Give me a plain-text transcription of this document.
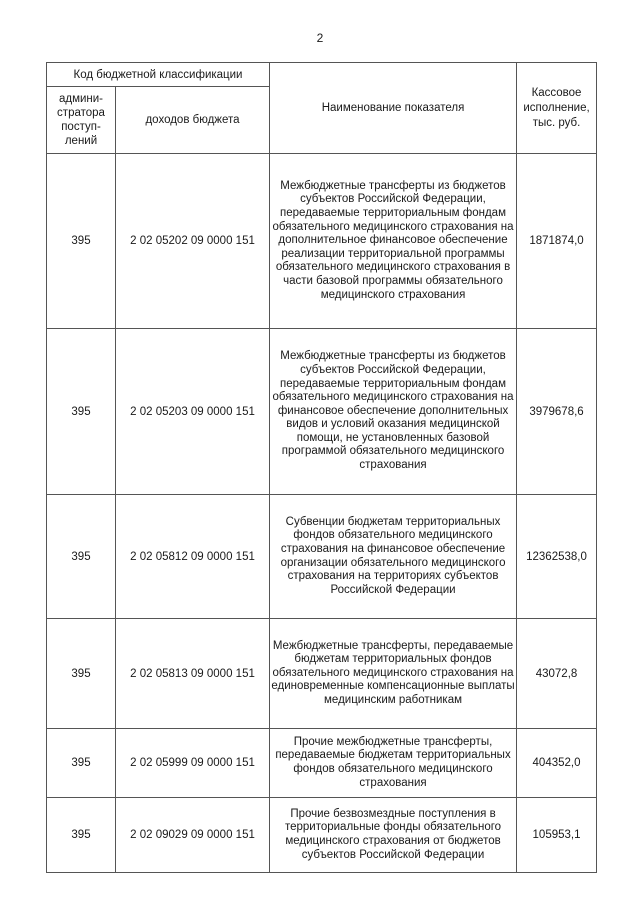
2
Код бюджетной классификации		Наименование показателя	Кассовое исполнение, тыс. руб.
админи-
стратора
поступ-
лений	доходов бюджета		
395	2 02 05202 09 0000 151	Межбюджетные трансферты из бюджетов субъектов Российской Федерации, передаваемые территориальным фондам обязательного медицинского страхования на дополнительное финансовое обеспечение реализации территориальной программы обязательного медицинского страхования в части базовой программы обязательного медицинского страхования	1871874,0
395	2 02 05203 09 0000 151	Межбюджетные трансферты из бюджетов субъектов Российской Федерации, передаваемые территориальным фондам обязательного медицинского страхования на финансовое обеспечение дополнительных видов и условий оказания медицинской помощи, не установленных базовой программой обязательного медицинского страхования	3979678,6
395	2 02 05812 09 0000 151	Субвенции бюджетам территориальных фондов обязательного медицинского страхования на финансовое обеспечение организации обязательного медицинского страхования на территориях субъектов Российской Федерации	12362538,0
395	2 02 05813 09 0000 151	Межбюджетные трансферты, передаваемые бюджетам территориальных фондов обязательного медицинского страхования на единовременные компенсационные выплаты медицинским работникам	43072,8
395	2 02 05999 09 0000 151	Прочие межбюджетные трансферты, передаваемые бюджетам территориальных фондов обязательного медицинского страхования	404352,0
395	2 02 09029 09 0000 151	Прочие безвозмездные поступления в территориальные фонды обязательного медицинского страхования от бюджетов субъектов Российской Федерации	105953,1
